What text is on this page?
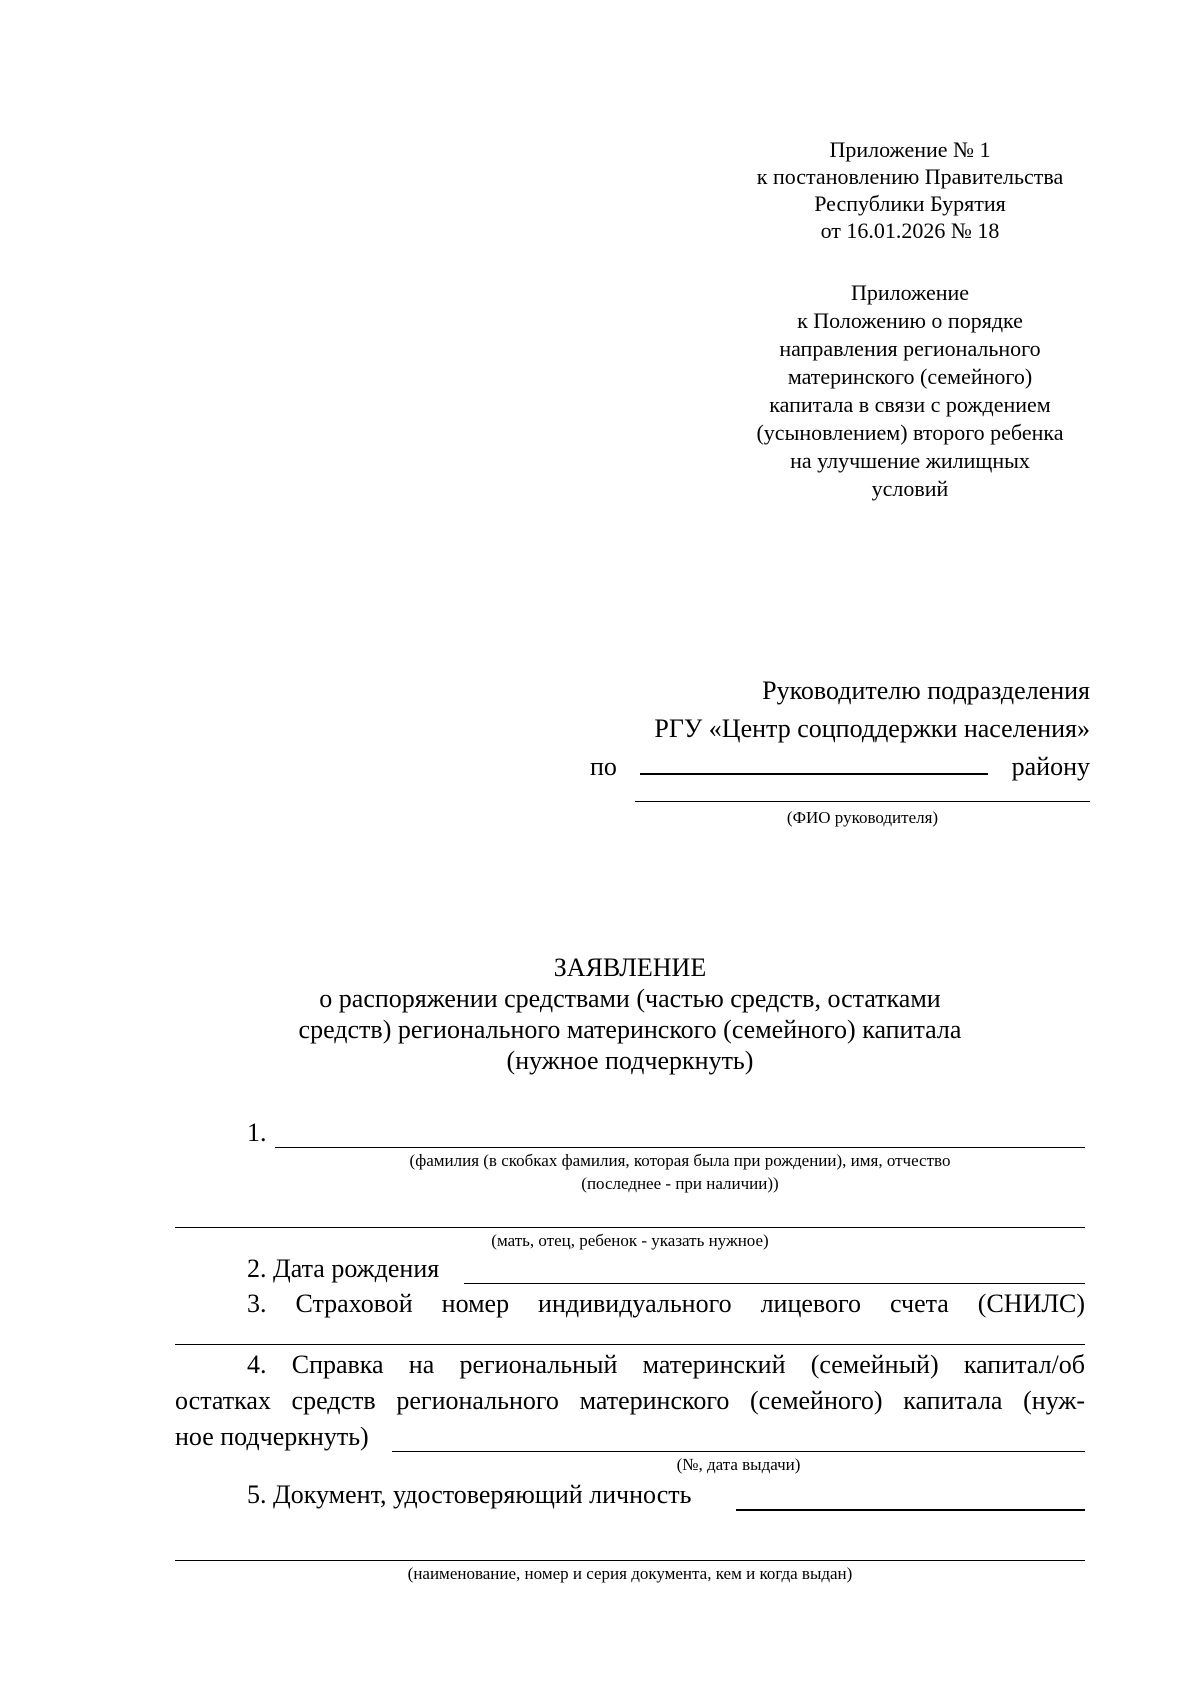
Приложение № 1
к постановлению Правительства
Республики Бурятия
от 16.01.2026 № 18
Приложение
к Положению о порядке
направления регионального
материнского (семейного)
капитала в связи с рождением
(усыновлением) второго ребенка
на улучшение жилищных
условий
Руководителю подразделения
РГУ «Центр соцподдержки населения»
по	району
(ФИО руководителя)
ЗАЯВЛЕНИЕ
о распоряжении средствами (частью средств, остатками
средств) регионального материнского (семейного) капитала
(нужное подчеркнуть)
1.
(фамилия (в скобках фамилия, которая была при рождении), имя, отчество
(последнее - при наличии))
(мать, отец, ребенок - указать нужное)
2. Дата рождения
3. Страховой номер индивидуального лицевого счета (СНИЛС)
4. Справка на региональный материнский (семейный) капитал/об
остатках средств регионального материнского (семейного) капитала (нуж-
ное подчеркнуть)
(№, дата выдачи)
5. Документ, удостоверяющий личность
(наименование, номер и серия документа, кем и когда выдан)
